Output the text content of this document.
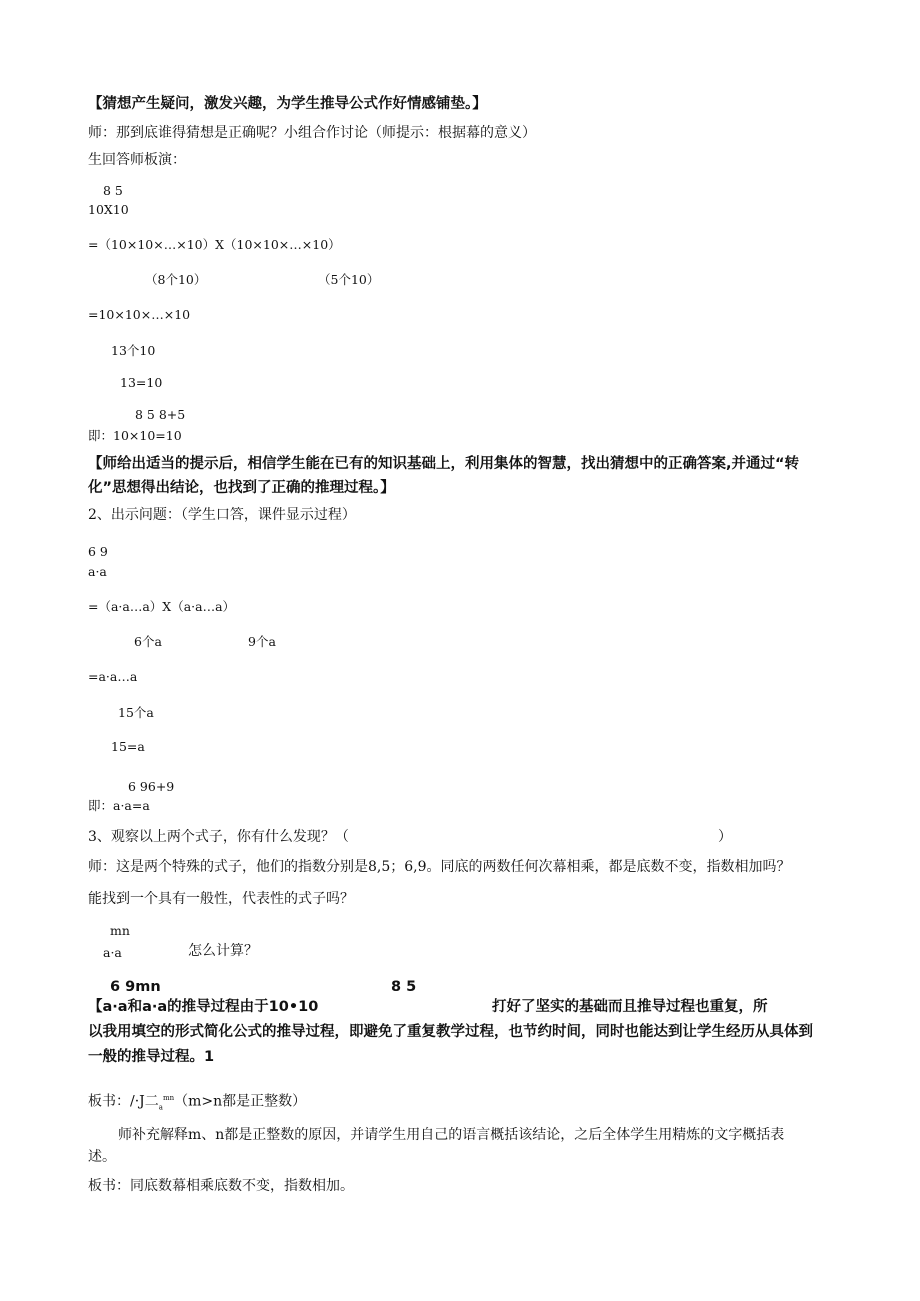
【猜想产生疑问，激发兴趣，为学生推导公式作好情感铺垫。】

师：那到底谁得猜想是正确呢？小组合作讨论（师提示：根据幕的意义）

生回答师板演：

8 5

10X10

=（10×10×…×10）X（10×10×…×10）

（8个10）	（5个10）

=10×10×…×10

13个10

13=10

8 5 8+5

即：10×10=10

【师给出适当的提示后，相信学生能在已有的知识基础上，利用集体的智慧，找出猜想中的正确答案,并通过“转

化”思想得出结论，也找到了正确的推理过程。】

2、出示问题：（学生口答，课件显示过程）

6 9

a·a

=（a·a…a）X（a·a…a）

6个a	9个a

=a·a…a

15个a

15=a

6 96+9

即：a·a=a

3、观察以上两个式子，你有什么发现？（	）

师：这是两个特殊的式子，他们的指数分别是8,5；6,9。同底的两数任何次幕相乘，都是底数不变，指数相加吗？

能找到一个具有一般性，代表性的式子吗？

mn

a·a	怎么计算？

6 9mn	8 5

【a·a和a·a的推导过程由于10•10	打好了坚实的基础而且推导过程也重复，所

以我用填空的形式简化公式的推导过程，即避免了重复教学过程，也节约时间，同时也能达到让学生经历从具体到

一般的推导过程。1

板书：/·J二$_a^{mn}$（m>n都是正整数）

师补充解释m、n都是正整数的原因，并请学生用自己的语言概括该结论，之后全体学生用精炼的文字概括表

述。

板书：同底数幕相乘底数不变，指数相加。
